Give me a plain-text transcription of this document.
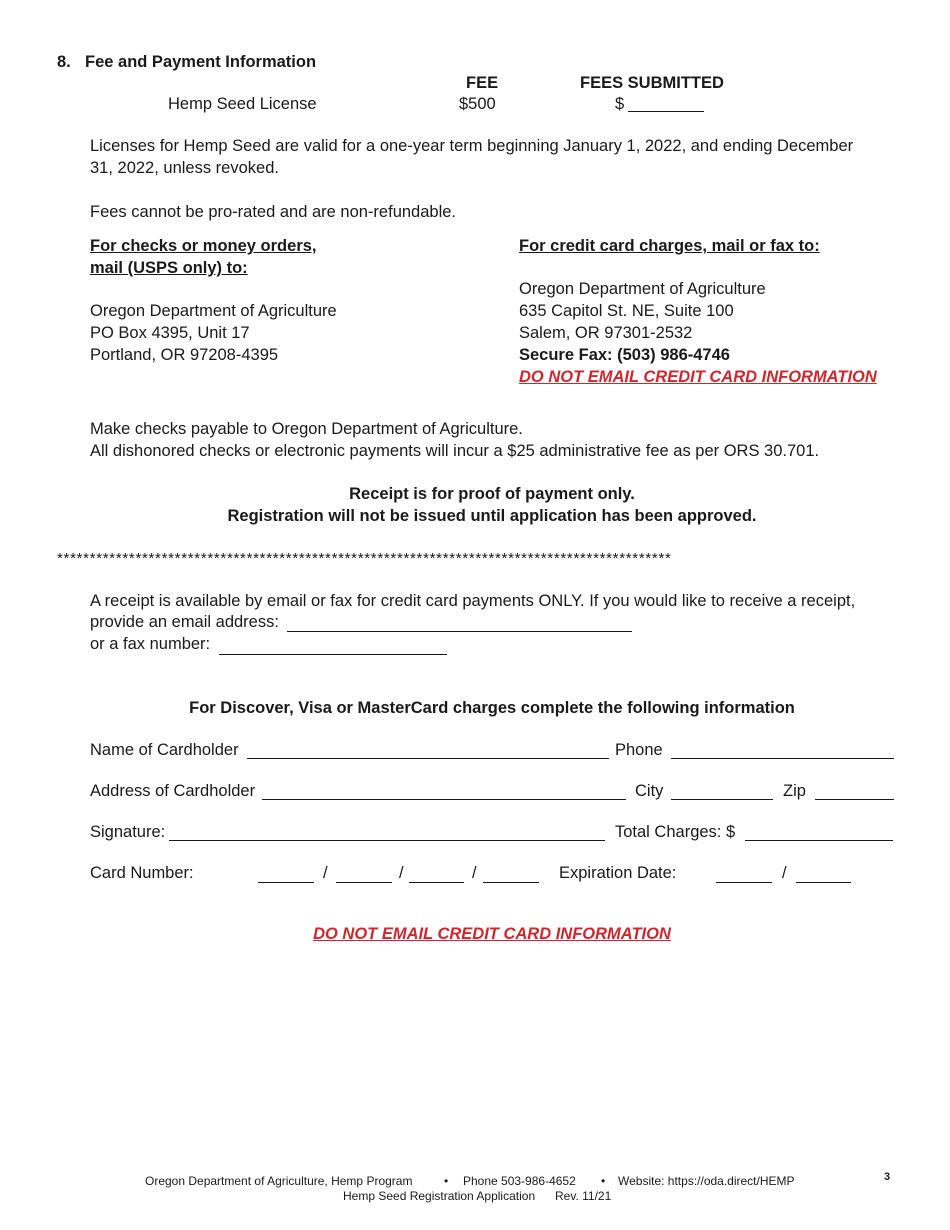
8. Fee and Payment Information
FEE	FEES SUBMITTED
Hemp Seed License	$500	$
Licenses for Hemp Seed are valid for a one-year term beginning January 1, 2022, and ending December
31, 2022, unless revoked.
Fees cannot be pro-rated and are non-refundable.
For checks or money orders,
mail (USPS only) to:
Oregon Department of Agriculture
PO Box 4395, Unit 17
Portland, OR 97208-4395
For credit card charges, mail or fax to:
Oregon Department of Agriculture
635 Capitol St. NE, Suite 100
Salem, OR 97301-2532
Secure Fax: (503) 986-4746
DO NOT EMAIL CREDIT CARD INFORMATION
Make checks payable to Oregon Department of Agriculture.
All dishonored checks or electronic payments will incur a $25 administrative fee as per ORS 30.701.
Receipt is for proof of payment only.
Registration will not be issued until application has been approved.
**********************************************************************************************
A receipt is available by email or fax for credit card payments ONLY. If you would like to receive a receipt,
provide an email address:
or a fax number:
For Discover, Visa or MasterCard charges complete the following information
Name of Cardholder	Phone
Address of Cardholder	City	Zip
Signature:	Total Charges: $
Card Number:	/	/	/	Expiration Date:	/
DO NOT EMAIL CREDIT CARD INFORMATION
Oregon Department of Agriculture, Hemp Program	• Phone 503-986-4652 • Website: https://oda.direct/HEMP
Hemp Seed Registration Application Rev. 11/21
3
